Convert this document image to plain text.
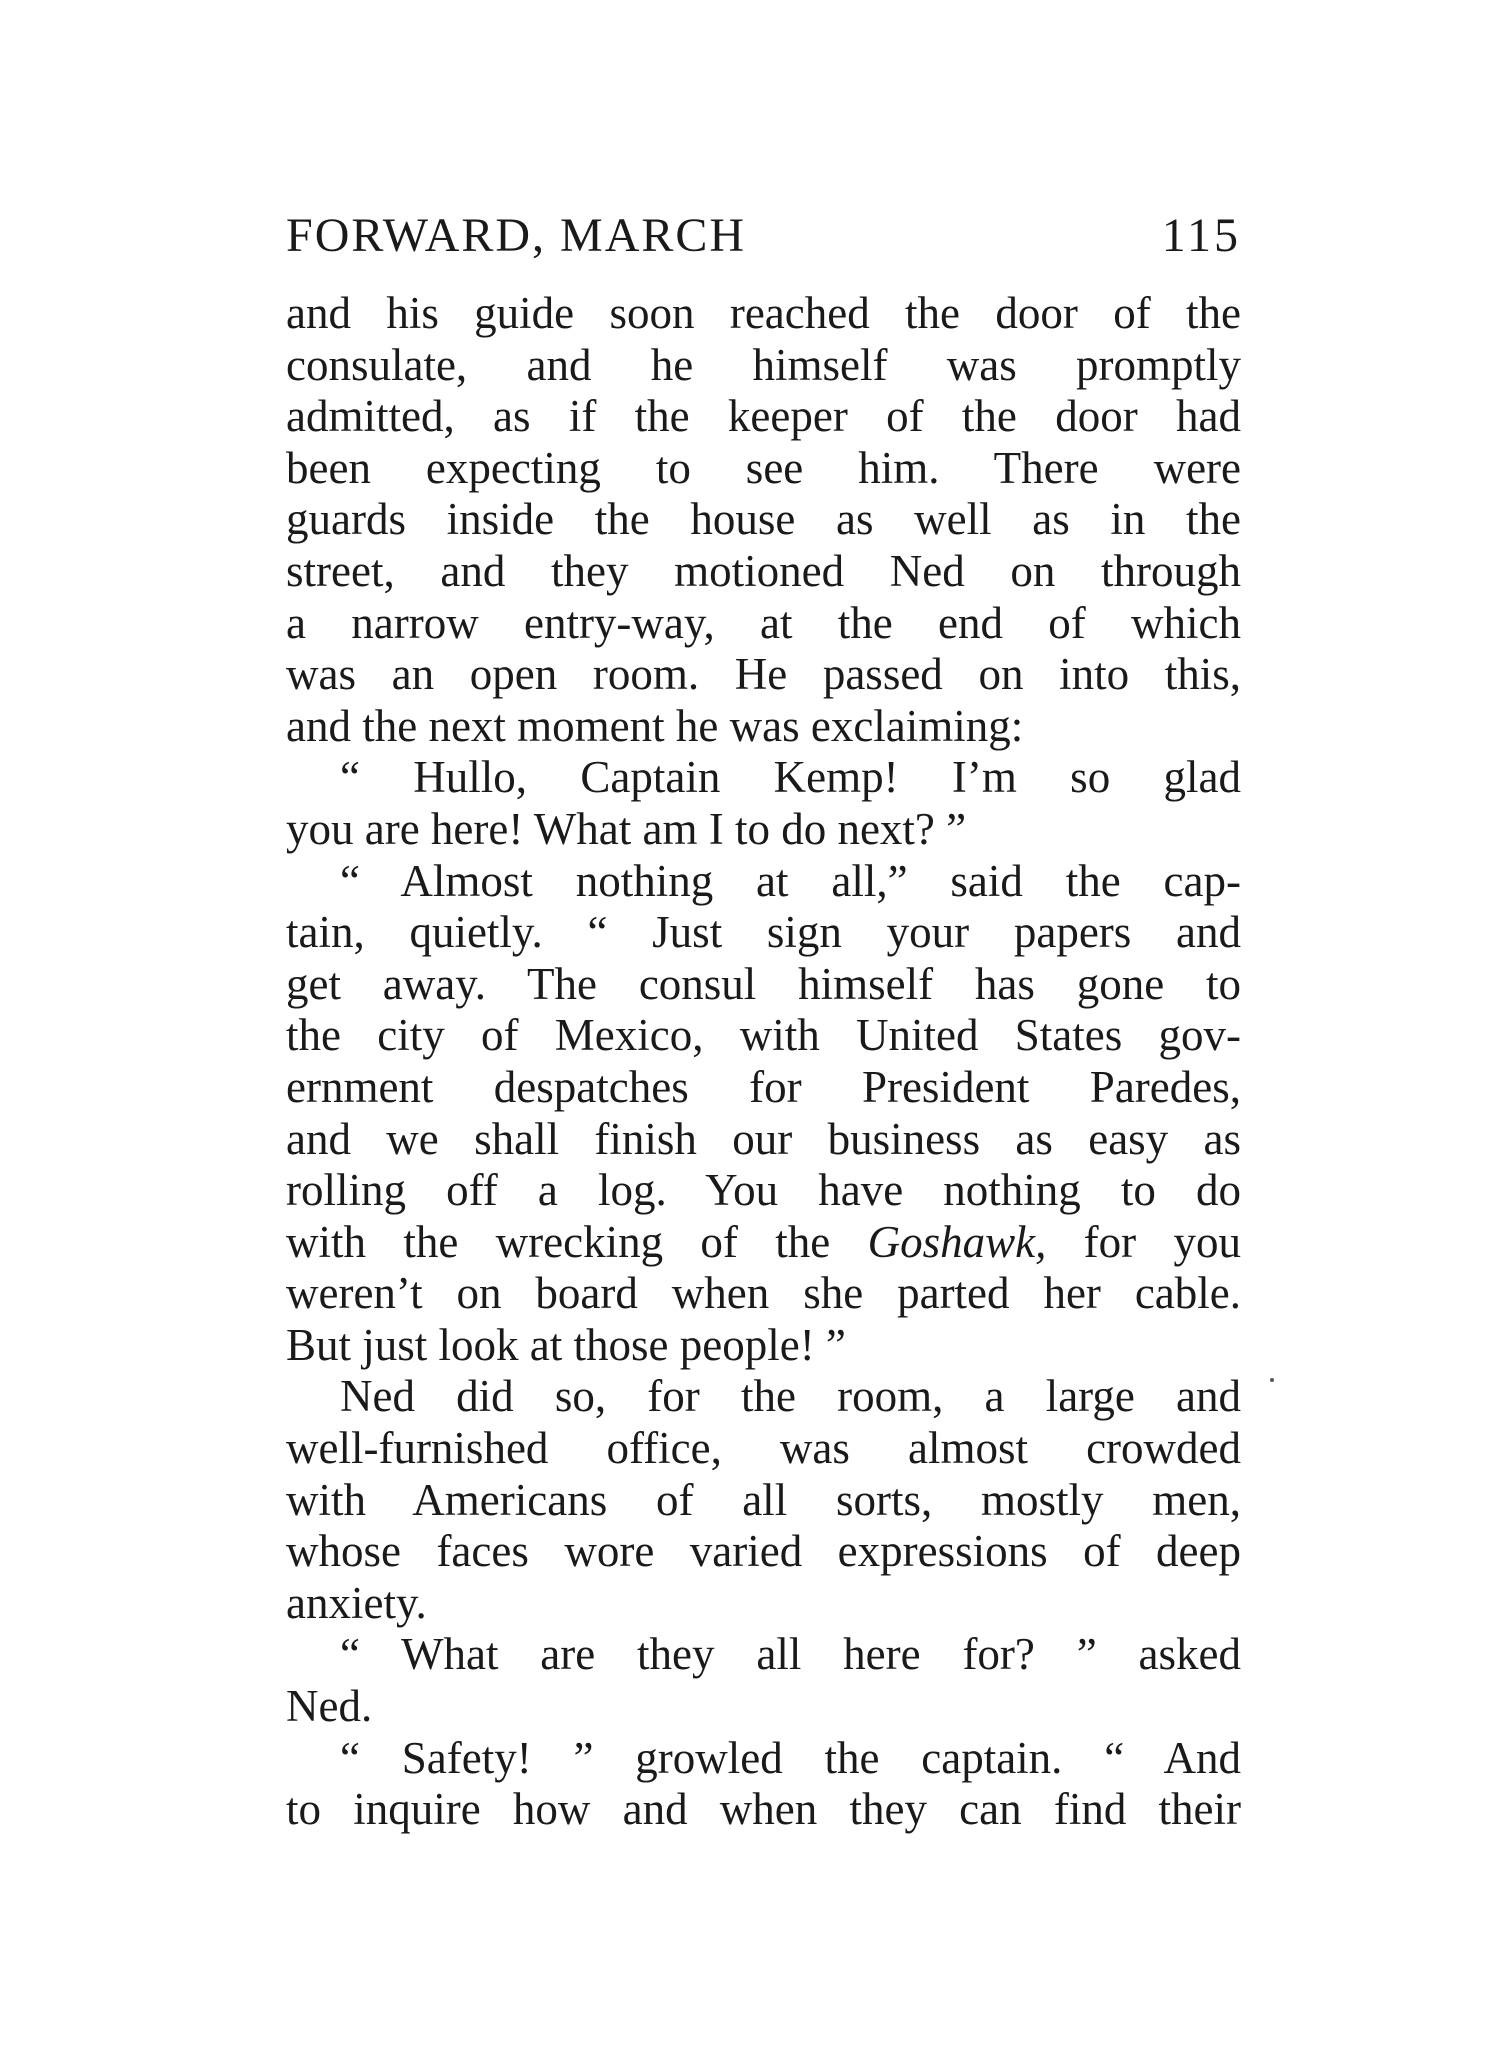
FORWARD, MARCH	115
and his guide soon reached the door of the
consulate, and he himself was promptly
admitted, as if the keeper of the door had
been expecting to see him. There were
guards inside the house as well as in the
street, and they motioned Ned on through
a narrow entry-way, at the end of which
was an open room. He passed on into this,
and the next moment he was exclaiming:
“ Hullo, Captain Kemp! I’m so glad
you are here! What am I to do next? ”
“ Almost nothing at all,” said the cap-
tain, quietly. “ Just sign your papers and
get away. The consul himself has gone to
the city of Mexico, with United States gov-
ernment despatches for President Paredes,
and we shall finish our business as easy as
rolling off a log. You have nothing to do
with the wrecking of the Goshawk, for you
weren’t on board when she parted her cable.
But just look at those people! ”
Ned did so, for the room, a large and
well-furnished office, was almost crowded
with Americans of all sorts, mostly men,
whose faces wore varied expressions of deep
anxiety.
“ What are they all here for? ” asked
Ned.
“ Safety! ” growled the captain. “ And
to inquire how and when they can find their
